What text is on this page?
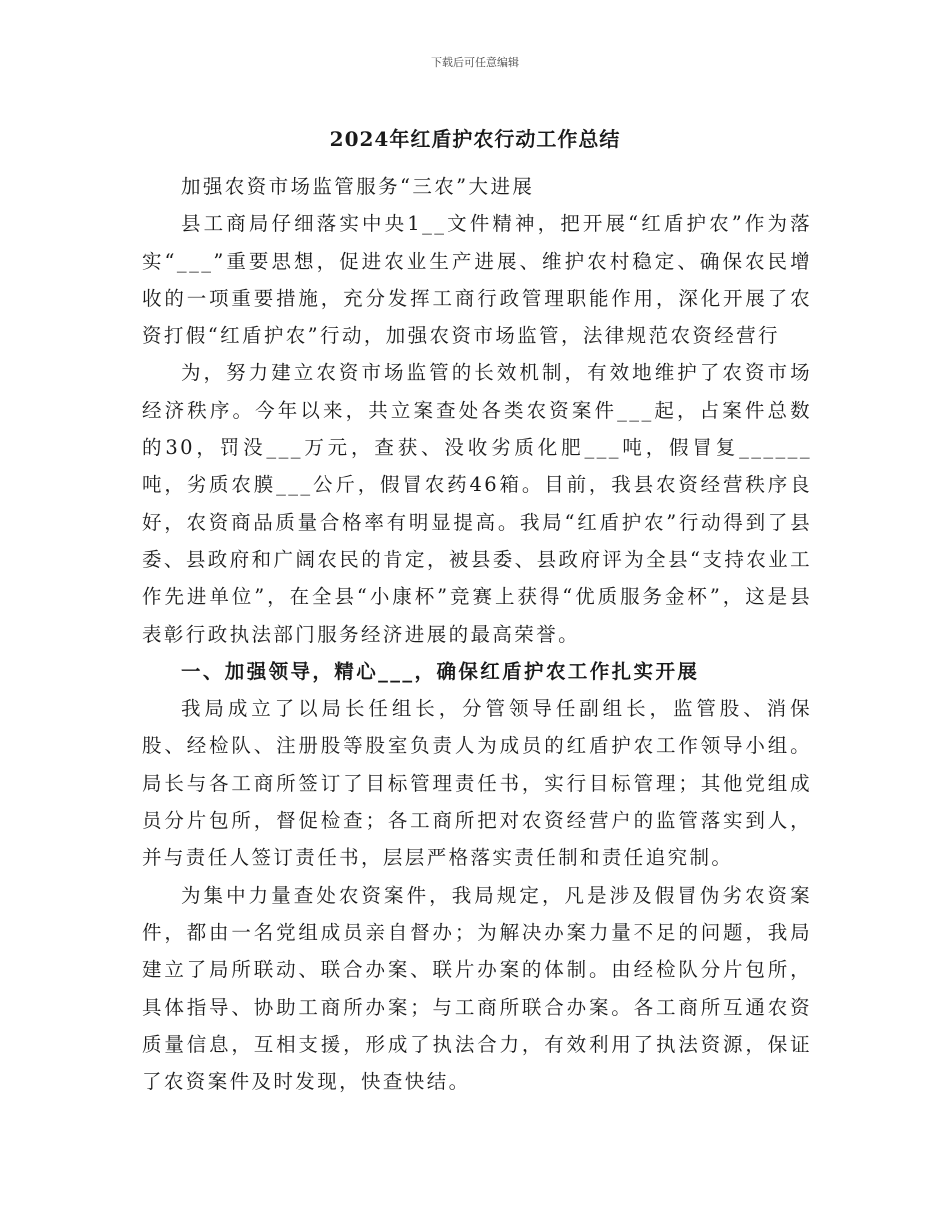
下载后可任意编辑
2024年红盾护农行动工作总结

加强农资市场监管服务“三农”大进展

县工商局仔细落实中央1__文件精神，把开展“红盾护农”作为落实“___”重要思想，促进农业生产进展、维护农村稳定、确保农民增收的一项重要措施，充分发挥工商行政管理职能作用，深化开展了农资打假“红盾护农”行动，加强农资市场监管，法律规范农资经营行

为，努力建立农资市场监管的长效机制，有效地维护了农资市场经济秩序。今年以来，共立案查处各类农资案件___起，占案件总数的30，罚没___万元，查获、没收劣质化肥___吨，假冒复______吨，劣质农膜___公斤，假冒农药46箱。目前，我县农资经营秩序良好，农资商品质量合格率有明显提高。我局“红盾护农”行动得到了县委、县政府和广阔农民的肯定，被县委、县政府评为全县“支持农业工作先进单位”，在全县“小康杯”竞赛上获得“优质服务金杯”，这是县表彰行政执法部门服务经济进展的最高荣誉。

一、加强领导，精心___，确保红盾护农工作扎实开展

我局成立了以局长任组长，分管领导任副组长，监管股、消保股、经检队、注册股等股室负责人为成员的红盾护农工作领导小组。局长与各工商所签订了目标管理责任书，实行目标管理；其他党组成员分片包所，督促检查；各工商所把对农资经营户的监管落实到人，并与责任人签订责任书，层层严格落实责任制和责任追究制。

为集中力量查处农资案件，我局规定，凡是涉及假冒伪劣农资案件，都由一名党组成员亲自督办；为解决办案力量不足的问题，我局建立了局所联动、联合办案、联片办案的体制。由经检队分片包所，具体指导、协助工商所办案；与工商所联合办案。各工商所互通农资质量信息，互相支援，形成了执法合力，有效利用了执法资源，保证了农资案件及时发现，快查快结。
